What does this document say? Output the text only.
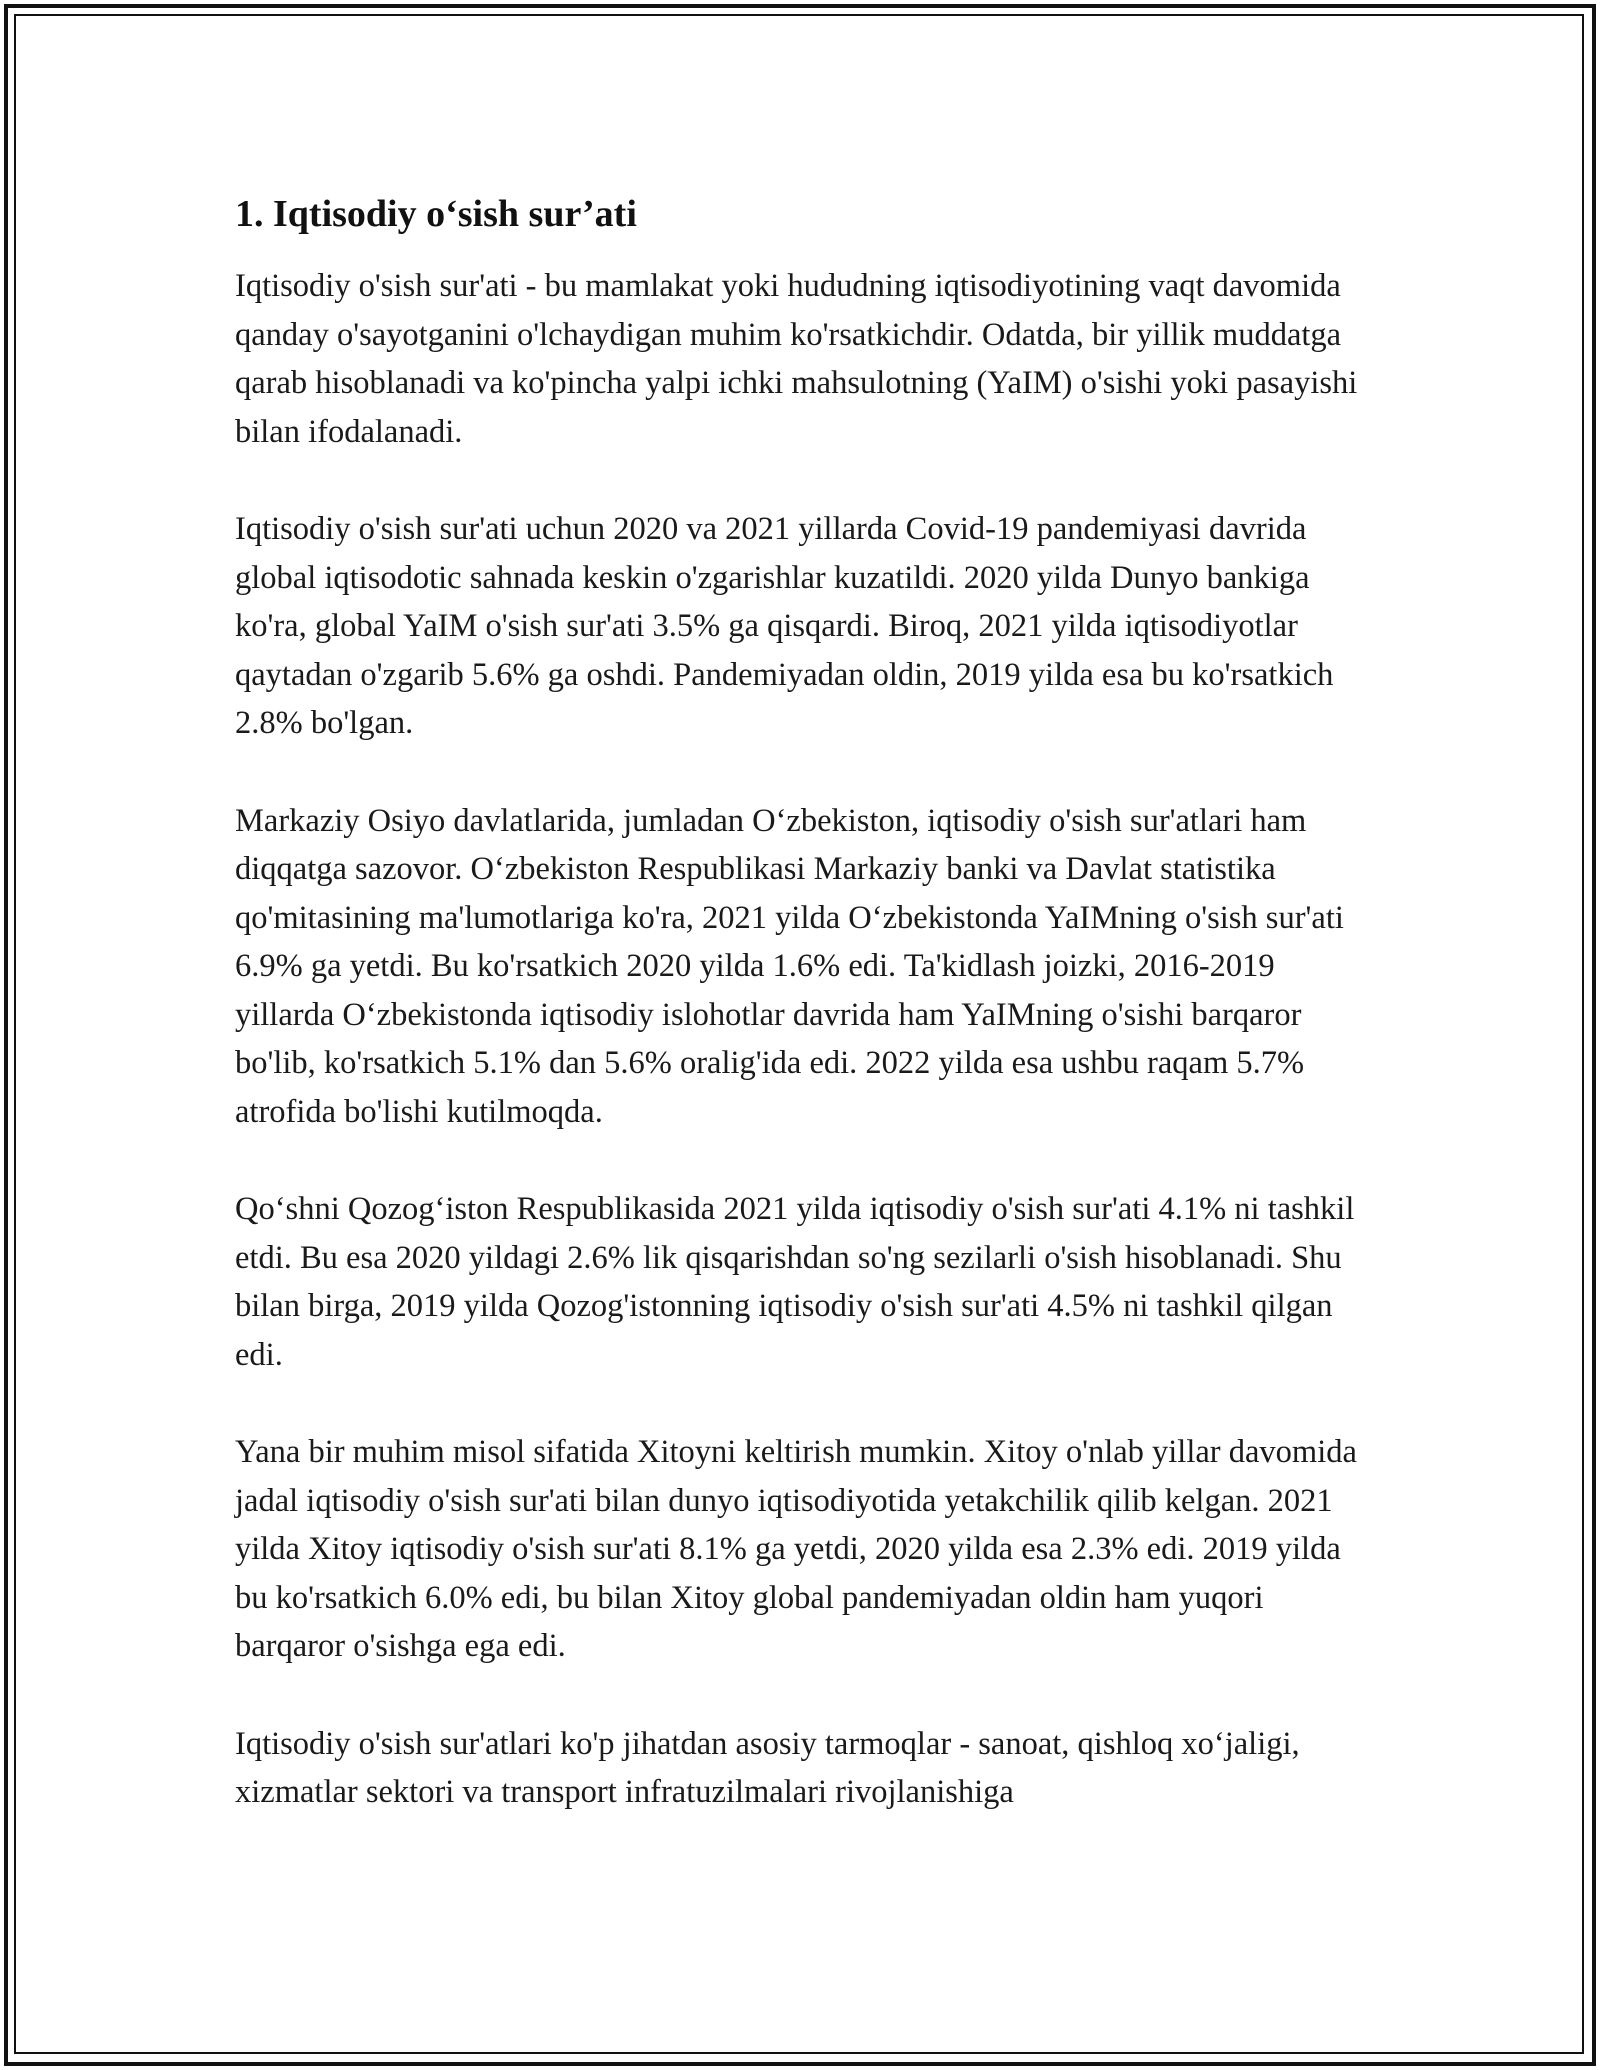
1. Iqtisodiy o‘sish sur’ati

Iqtisodiy o'sish sur'ati - bu mamlakat yoki hududning iqtisodiyotining vaqt davomida qanday o'sayotganini o'lchaydigan muhim ko'rsatkichdir. Odatda, bir yillik muddatga qarab hisoblanadi va ko'pincha yalpi ichki mahsulotning (YaIM) o'sishi yoki pasayishi bilan ifodalanadi.

Iqtisodiy o'sish sur'ati uchun 2020 va 2021 yillarda Covid-19 pandemiyasi davrida global iqtisodotic sahnada keskin o'zgarishlar kuzatildi. 2020 yilda Dunyo bankiga ko'ra, global YaIM o'sish sur'ati 3.5% ga qisqardi. Biroq, 2021 yilda iqtisodiyotlar qaytadan o'zgarib 5.6% ga oshdi. Pandemiyadan oldin, 2019 yilda esa bu ko'rsatkich 2.8% bo'lgan.

Markaziy Osiyo davlatlarida, jumladan O‘zbekiston, iqtisodiy o'sish sur'atlari ham diqqatga sazovor. O‘zbekiston Respublikasi Markaziy banki va Davlat statistika qo'mitasining ma'lumotlariga ko'ra, 2021 yilda O‘zbekistonda YaIMning o'sish sur'ati 6.9% ga yetdi. Bu ko'rsatkich 2020 yilda 1.6% edi. Ta'kidlash joizki, 2016-2019 yillarda O‘zbekistonda iqtisodiy islohotlar davrida ham YaIMning o'sishi barqaror bo'lib, ko'rsatkich 5.1% dan 5.6% oralig'ida edi. 2022 yilda esa ushbu raqam 5.7% atrofida bo'lishi kutilmoqda.

Qo‘shni Qozog‘iston Respublikasida 2021 yilda iqtisodiy o'sish sur'ati 4.1% ni tashkil etdi. Bu esa 2020 yildagi 2.6% lik qisqarishdan so'ng sezilarli o'sish hisoblanadi. Shu bilan birga, 2019 yilda Qozog'istonning iqtisodiy o'sish sur'ati 4.5% ni tashkil qilgan edi.

Yana bir muhim misol sifatida Xitoyni keltirish mumkin. Xitoy o'nlab yillar davomida jadal iqtisodiy o'sish sur'ati bilan dunyo iqtisodiyotida yetakchilik qilib kelgan. 2021 yilda Xitoy iqtisodiy o'sish sur'ati 8.1% ga yetdi, 2020 yilda esa 2.3% edi. 2019 yilda bu ko'rsatkich 6.0% edi, bu bilan Xitoy global pandemiyadan oldin ham yuqori barqaror o'sishga ega edi.

Iqtisodiy o'sish sur'atlari ko'p jihatdan asosiy tarmoqlar - sanoat, qishloq xo‘jaligi, xizmatlar sektori va transport infratuzilmalari rivojlanishiga
